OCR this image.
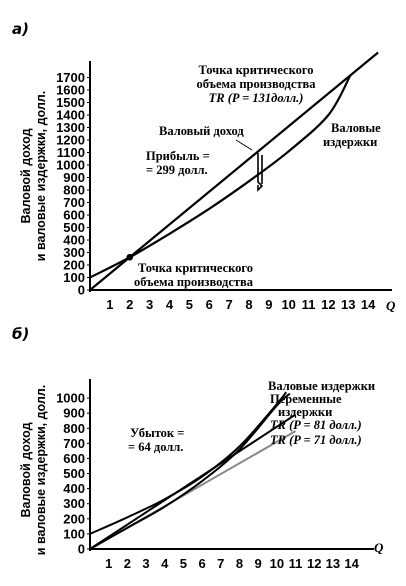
а)
Валовой доход и валовые издержки, долл.
0
100
200
300
400
500
600
700
800
900
1000
1100
1200
1300
1400
1500
1600
1700
1 2 3 4 5 6 7 8 9 10 11 12 13 14 Q
Точка критического
объема производства
TR (P = 131долл.)
Валовый доход	Валовые
издержки
Прибыль =
= 299 долл.
Точка критического
объема производства
б)
Валовой доход и валовые издержки, долл. 0
100
200
300
400
500
600
700
800
900
1000
1 2 3 4 5 6 7 8 9 10 11 12 13 14
Q
Валовые издержки
Переменные
издержки
TR (P = 81 долл.)
TR (P = 71 долл.)
Убыток =
= 64 долл.
